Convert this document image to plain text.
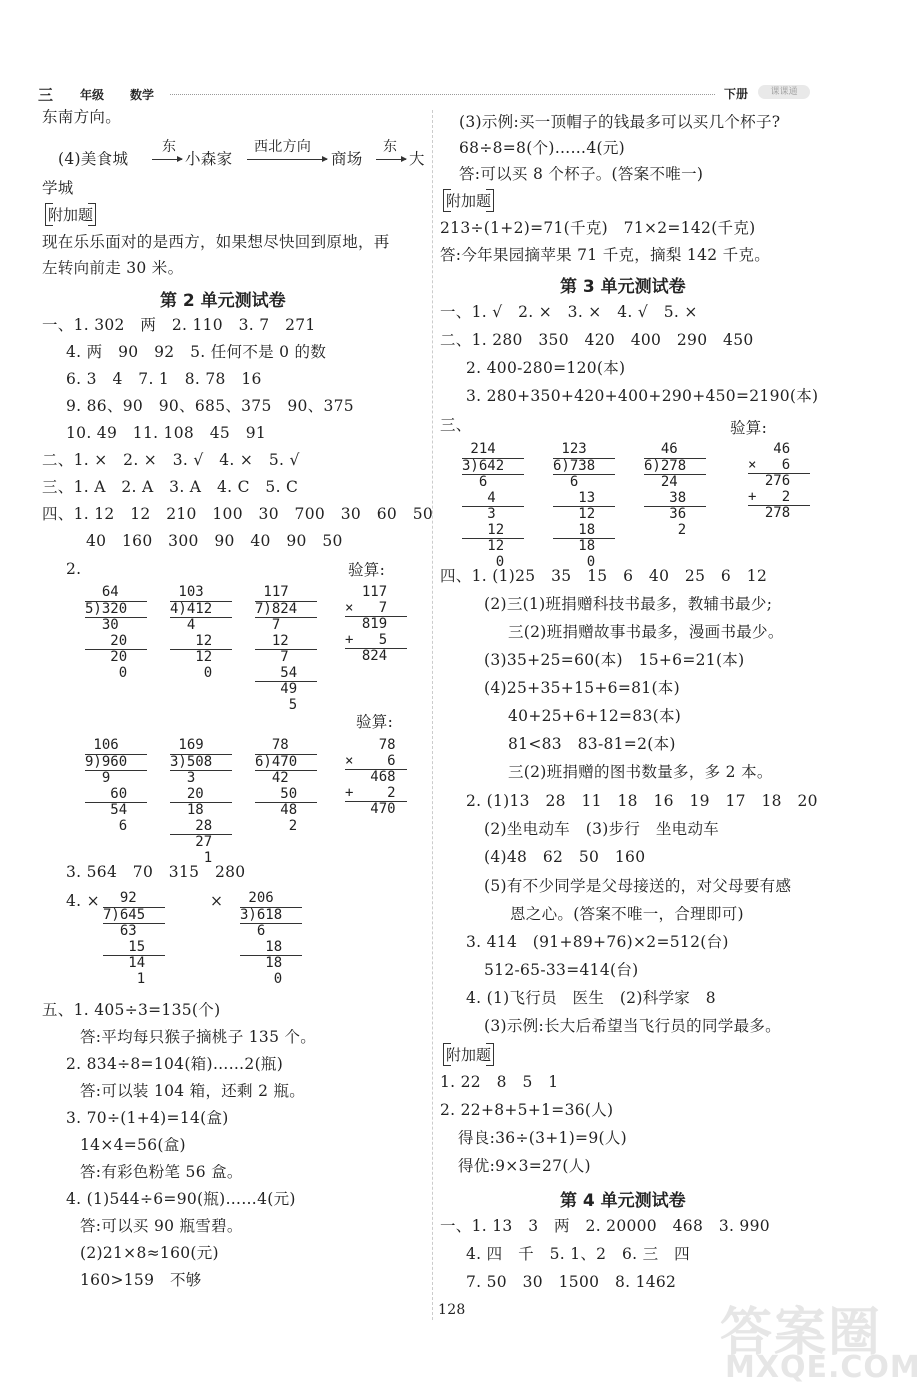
三 年级 数学	下册	课课通
东南方向。
(4)美食城
东
小森家
西北方向
商场
东
大
学城
附加题
现在乐乐面对的是西方，如果想尽快回到原地，再
左转向前走 30 米。
第 2 单元测试卷
一、1. 302   两   2. 110   3. 7   271
4. 两   90   92   5. 任何不是 0 的数
6. 3   4   7. 1   8. 78   16
9. 86、90   90、685、375   90、375
10. 49   11. 108   45   91
二、1. ×   2. ×   3. √   4. ×   5. √
三、1. A   2. A   3. A   4. C   5. C
四、1. 12   12   210   100   30   700   30   60   50
40   160   300   90   40   90   50
2.	验算:
64
5)320
30
20
20
0
103
4)412
4
12
12
0
117
7)824
7
12
7
54
49
5
117
×   7
819
+   5
824
验算:
106
9)960
9
60
54
6
169
3)508
3
20
18
28
27
1
78
6)470
42
50
48
2
78
×    6
468
+    2
470
3. 564   70   315   280
4. × 92
7)645
63
15
14
1
× 206
3)618
6
18
18
0
五、1. 405÷3=135(个)
答:平均每只猴子摘桃子 135 个。
2. 834÷8=104(箱)……2(瓶)
答:可以装 104 箱，还剩 2 瓶。
3. 70÷(1+4)=14(盒)
14×4=56(盒)
答:有彩色粉笔 56 盒。
4. (1)544÷6=90(瓶)……4(元)
答:可以买 90 瓶雪碧。
(2)21×8≈160(元)
160>159   不够
(3)示例:买一顶帽子的钱最多可以买几个杯子?
68÷8=8(个)……4(元)
答:可以买 8 个杯子。(答案不唯一)
附加题
213÷(1+2)=71(千克)   71×2=142(千克)
答:今年果园摘苹果 71 千克，摘梨 142 千克。
第 3 单元测试卷
一、1. √   2. ×   3. ×   4. √   5. ×
二、1. 280   350   420   400   290   450
2. 400-280=120(本)
3. 280+350+420+400+290+450=2190(本)
三、	验算:
214
3)642
6
4
3
12
12
0
123
6)738
6
13
12
18
18
0
46
6)278
24
38
36
2
46
×   6
276
+   2
278
四、1. (1)25   35   15   6   40   25   6   12
(2)三(1)班捐赠科技书最多，教辅书最少;
三(2)班捐赠故事书最多，漫画书最少。
(3)35+25=60(本)   15+6=21(本)
(4)25+35+15+6=81(本)
40+25+6+12=83(本)
81<83   83-81=2(本)
三(2)班捐赠的图书数量多，多 2 本。
2. (1)13   28   11   18   16   19   17   18   20
(2)坐电动车   (3)步行   坐电动车
(4)48   62   50   160
(5)有不少同学是父母接送的，对父母要有感
恩之心。(答案不唯一，合理即可)
3. 414   (91+89+76)×2=512(台)
512-65-33=414(台)
4. (1)飞行员   医生   (2)科学家   8
(3)示例:长大后希望当飞行员的同学最多。
附加题
1. 22   8   5   1
2. 22+8+5+1=36(人)
得良:36÷(3+1)=9(人)
得优:9×3=27(人)
第 4 单元测试卷
一、1. 13   3   两   2. 20000   468   3. 990
4. 四   千   5. 1、2   6. 三   四
7. 50   30   1500   8. 1462
128	答案圈
MXQE.COM
